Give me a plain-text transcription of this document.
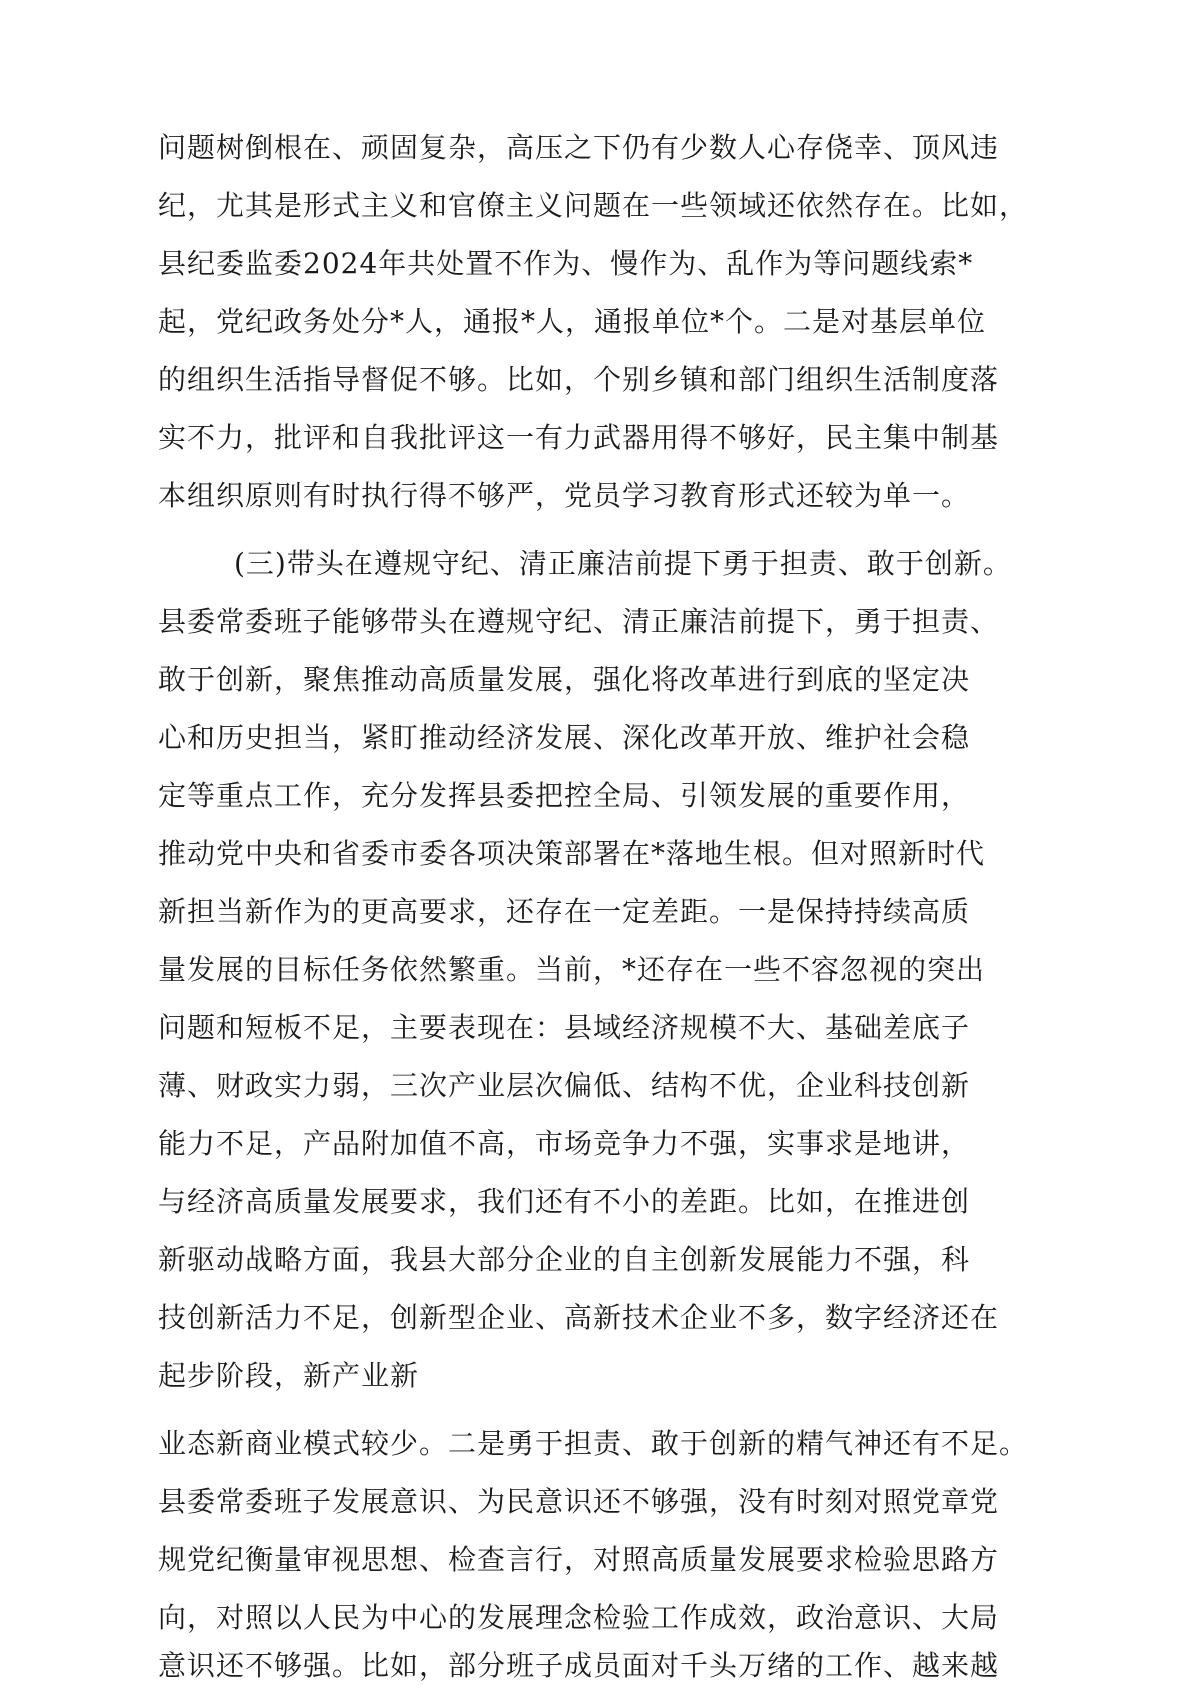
问题树倒根在、顽固复杂，高压之下仍有少数人心存侥幸、顶风违
纪，尤其是形式主义和官僚主义问题在一些领域还依然存在。比如，
县纪委监委2024年共处置不作为、慢作为、乱作为等问题线索*
起，党纪政务处分*人，通报*人，通报单位*个。二是对基层单位
的组织生活指导督促不够。比如，个别乡镇和部门组织生活制度落
实不力，批评和自我批评这一有力武器用得不够好，民主集中制基
本组织原则有时执行得不够严，党员学习教育形式还较为单一。
(三)带头在遵规守纪、清正廉洁前提下勇于担责、敢于创新。
县委常委班子能够带头在遵规守纪、清正廉洁前提下，勇于担责、
敢于创新，聚焦推动高质量发展，强化将改革进行到底的坚定决
心和历史担当，紧盯推动经济发展、深化改革开放、维护社会稳
定等重点工作，充分发挥县委把控全局、引领发展的重要作用，
推动党中央和省委市委各项决策部署在*落地生根。但对照新时代
新担当新作为的更高要求，还存在一定差距。一是保持持续高质
量发展的目标任务依然繁重。当前，*还存在一些不容忽视的突出
问题和短板不足，主要表现在：县域经济规模不大、基础差底子
薄、财政实力弱，三次产业层次偏低、结构不优，企业科技创新
能力不足，产品附加值不高，市场竞争力不强，实事求是地讲，
与经济高质量发展要求，我们还有不小的差距。比如，在推进创
新驱动战略方面，我县大部分企业的自主创新发展能力不强，科
技创新活力不足，创新型企业、高新技术企业不多，数字经济还在
起步阶段，新产业新
业态新商业模式较少。二是勇于担责、敢于创新的精气神还有不足。
县委常委班子发展意识、为民意识还不够强，没有时刻对照党章党
规党纪衡量审视思想、检查言行，对照高质量发展要求检验思路方
向，对照以人民为中心的发展理念检验工作成效，政治意识、大局
意识还不够强。比如，部分班子成员面对千头万绪的工作、越来越
